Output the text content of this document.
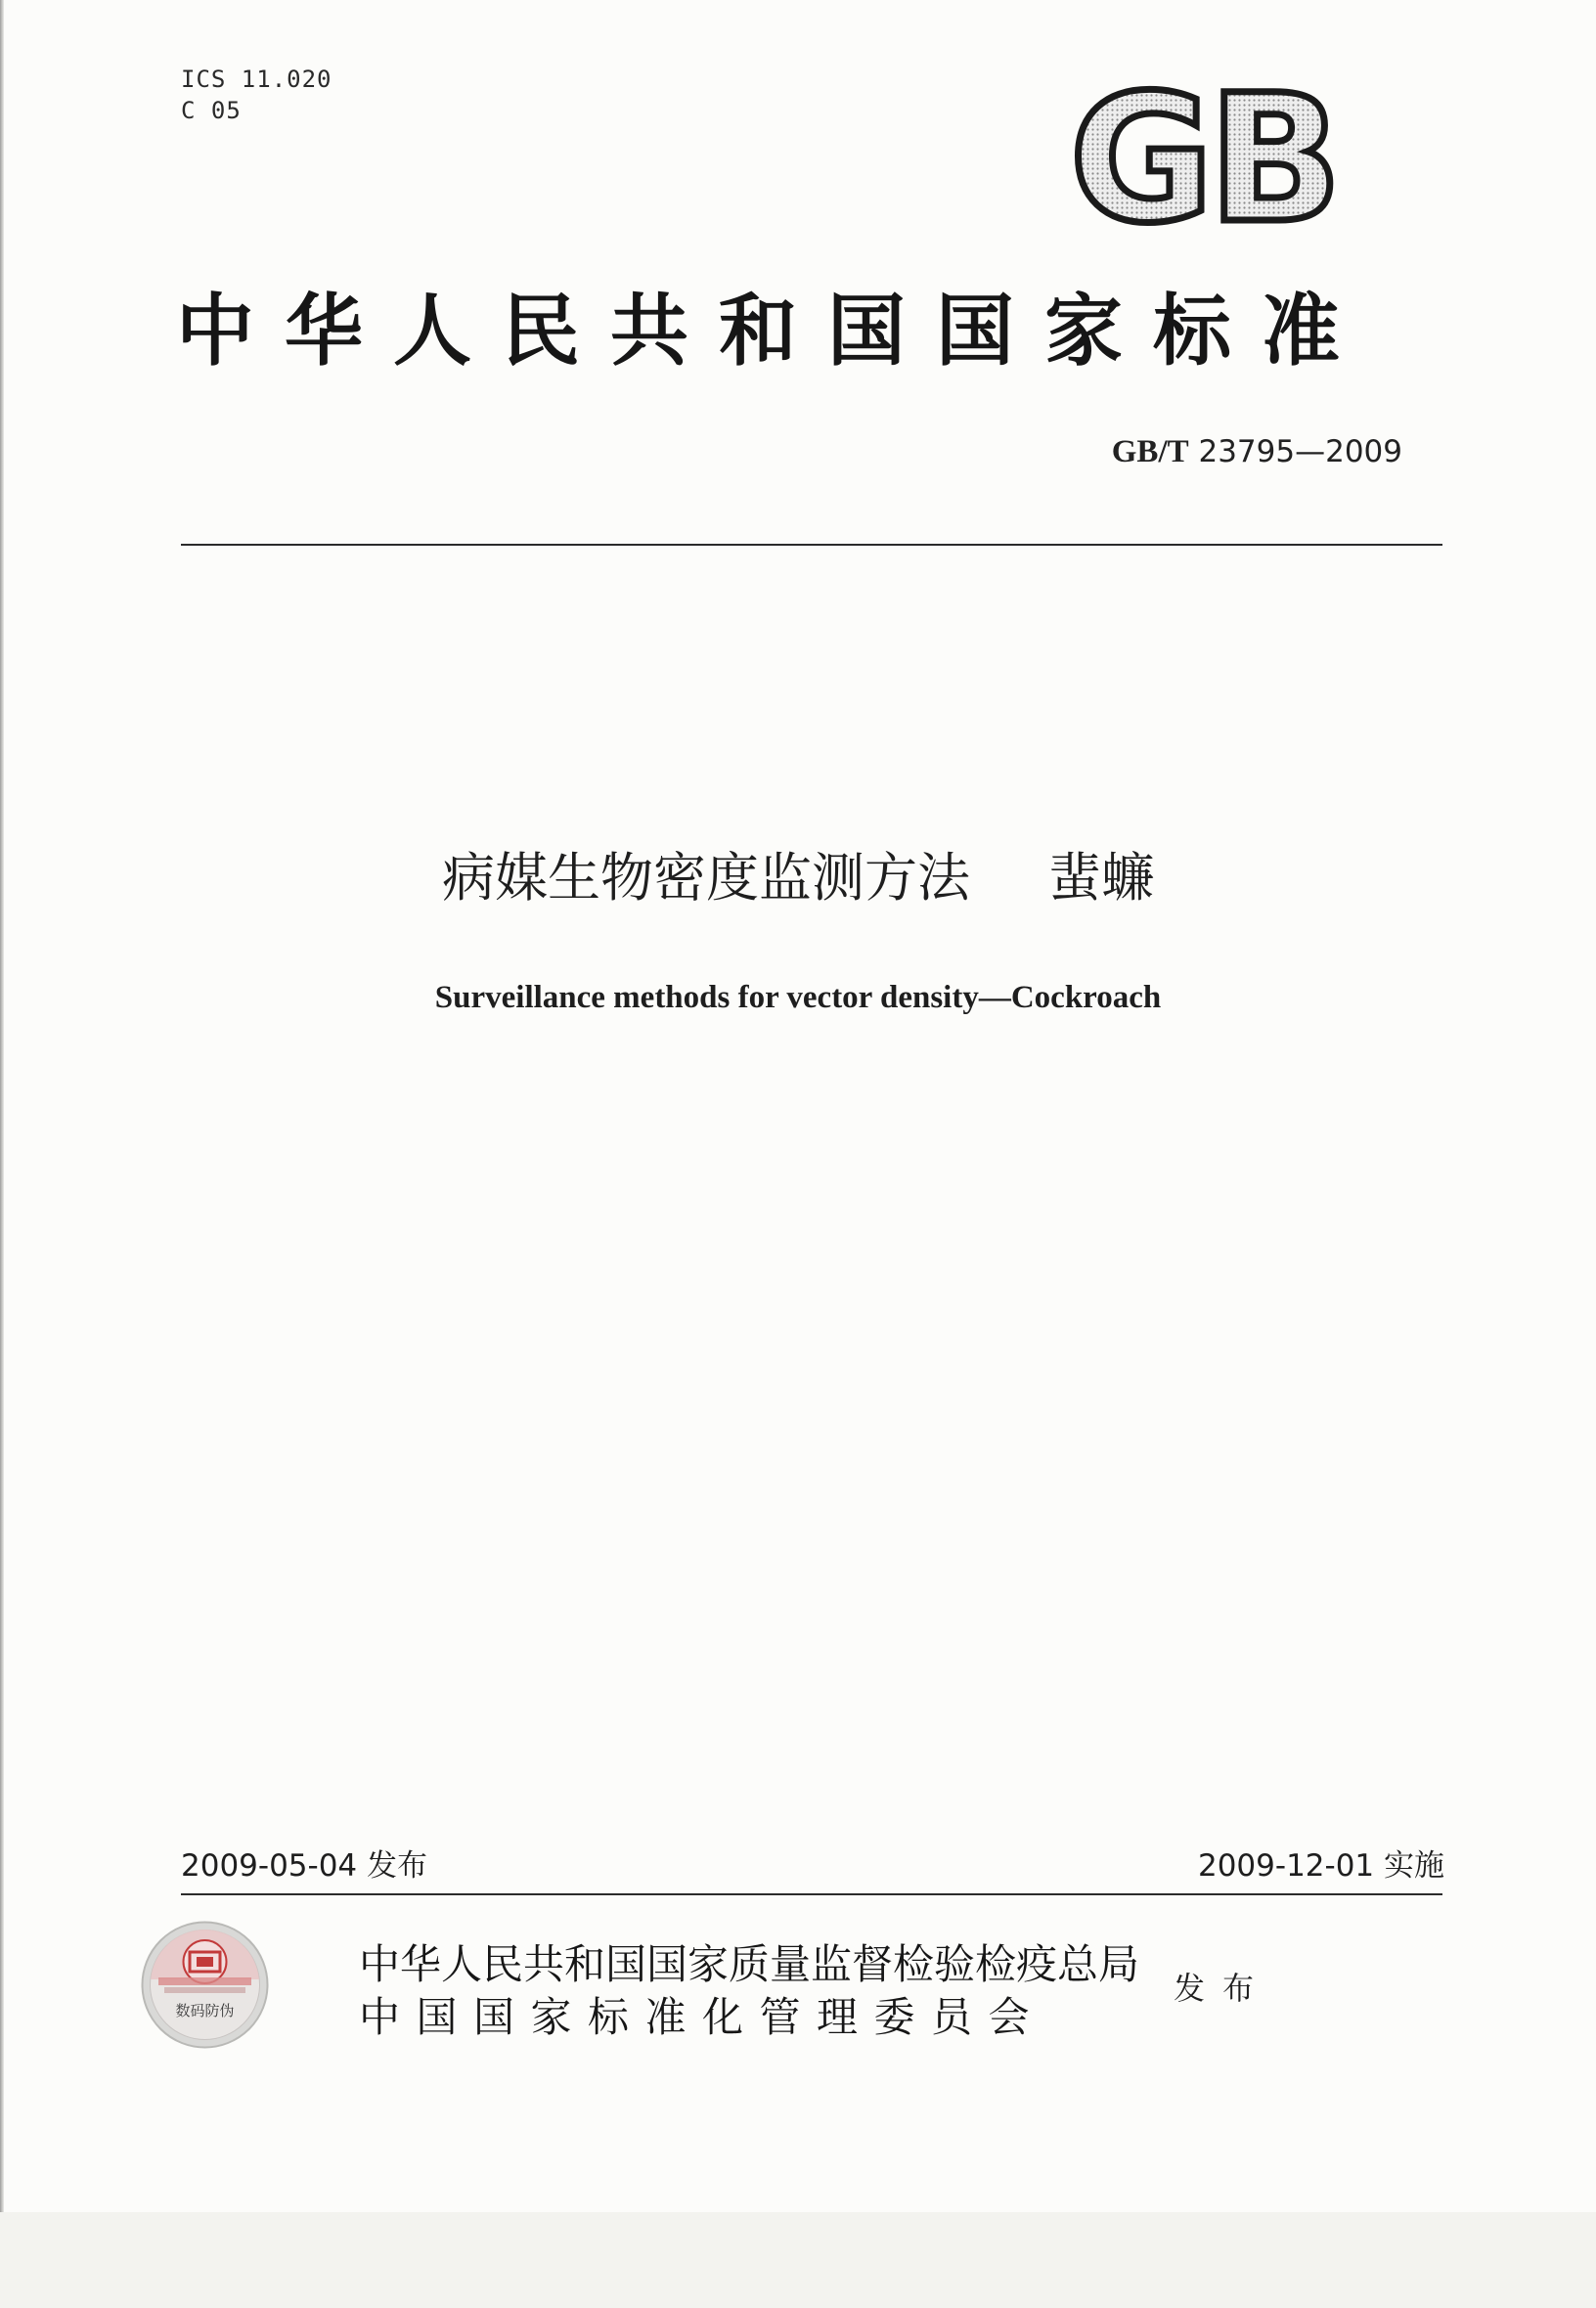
ICS 11.020
C 05	GB
中华人民共和国国家标准
GB/T 23795—2009
病媒生物密度监测方法 蜚蠊
Surveillance methods for vector density—Cockroach
2009-05-04 发布	2009-12-01 实施
数码防伪
中华人民共和国国家质量监督检验检疫总局
中国国家标准化管理委员会
发布
